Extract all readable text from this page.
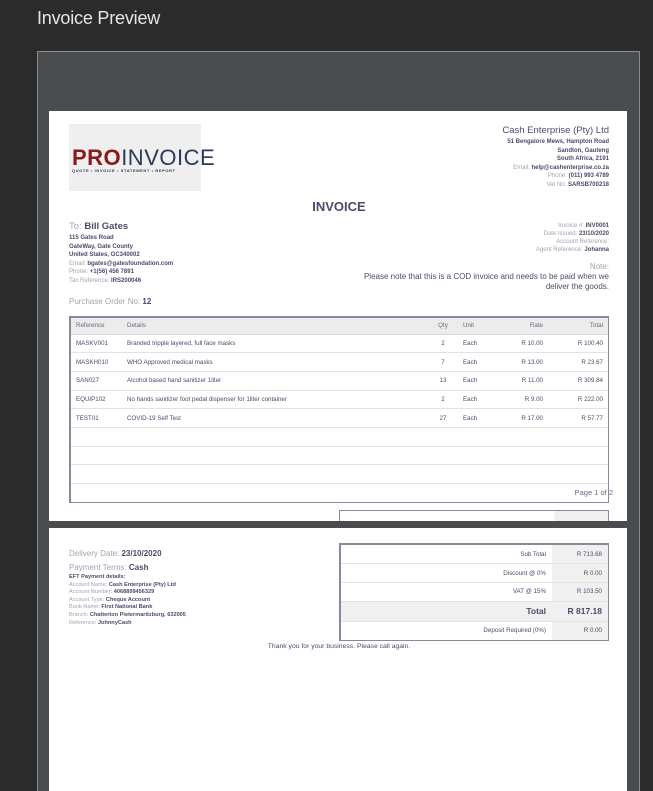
Invoice Preview
PROINVOICE
QUOTE • INVOICE • STATEMENT • REPORT
Cash Enterprise (Pty) Ltd
51 Bengalore Mews, Hampton Road
Sandton, Gauteng
South Africa, 2191
Email: help@cashenterprise.co.za
Phone: (011) 993 4789
Vat No: SARSB700218
INVOICE
To: Bill Gates
115 Gates Road
GateWay, Gate County
United States, GC340002
Email: bgates@gatesfoundation.com
Phone: +1(56) 456 7891
Tax Reference: IRS200046
Purchase Order No: 12
Invoice #: INV0001
Date Issued: 23/10/2020
Account Reference:
Agent Reference: Johanna
Note:
Please note that this is a COD invoice and needs to be paid when we deliver the goods.
Reference	Details	Qty	Unit	Rate	Total
MASKV001	Branded tripple layered, full face masks	2	Each	R 10.00	R 100.40
MASKH010	WHO Approved medical masks	7	Each	R 13.00	R 23.67
SAN027	Alcohol based hand sanitizer 1liter	13	Each	R 11.00	R 309.84
EQUIP102	No hands sanitizer foot pedal dispenser for 1liter container	2	Each	R 9.00	R 222.00
TEST01	COVID-19 Self Test	27	Each	R 17.00	R 57.77

Page 1 of 2
Delivery Date: 23/10/2020
Payment Terms: Cash
EFT Payment details:
Account Name: Cash Enterprise (Pty) Ltd
Account Number: 4068899456329
Account Type: Cheque Account
Bank Name: First National Bank
Branch: Chatterton Pietermaritzburg, 632005
Reference: JohnnyCash
Sub Total	R 713.68
Discount @ 0%	R 0.00
VAT @ 15%	R 103.50
Total	R 817.18
Deposit Required (0%)	R 0.00
Thank you for your business. Please call again.
